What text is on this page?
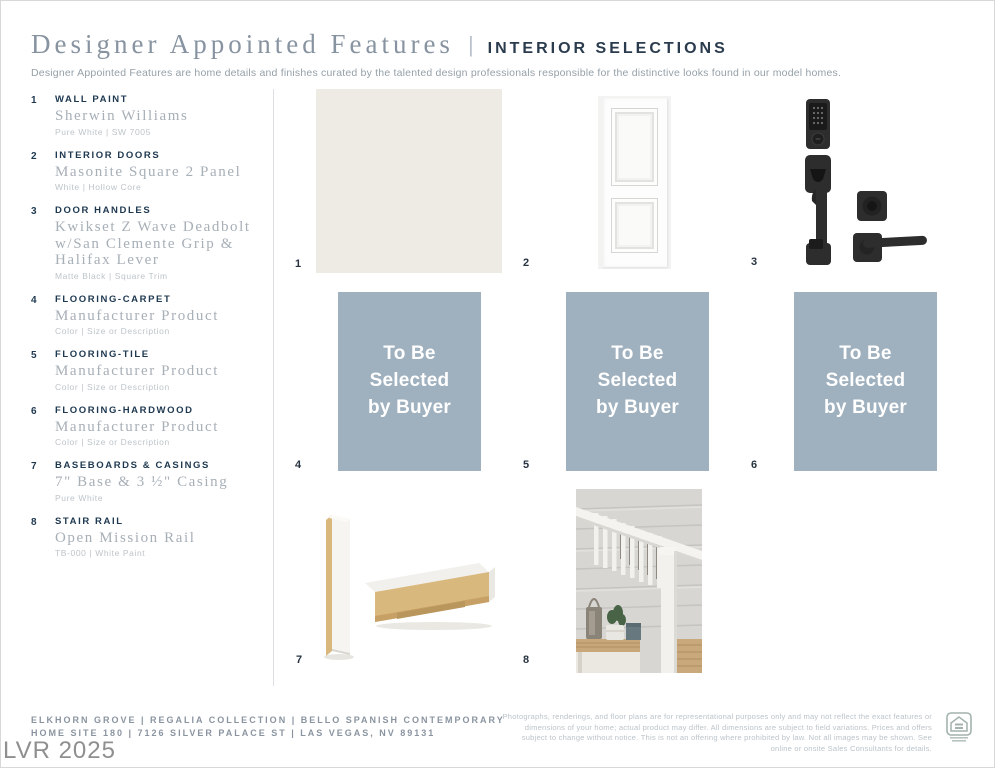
Designer Appointed Features | INTERIOR SELECTIONS
Designer Appointed Features are home details and finishes curated by the talented design professionals responsible for the distinctive looks found in our model homes.
1	WALL PAINT
Sherwin Williams
Pure White | SW 7005
2	INTERIOR DOORS
Masonite Square 2 Panel
White | Hollow Core
3	DOOR HANDLES
Kwikset Z Wave Deadbolt w/San Clemente Grip & Halifax Lever
Matte Black | Square Trim
4	FLOORING-CARPET
Manufacturer Product
Color | Size or Description
5	FLOORING-TILE
Manufacturer Product
Color | Size or Description
6	FLOORING-HARDWOOD
Manufacturer Product
Color | Size or Description
7	BASEBOARDS & CASINGS
7" Base & 3 ½" Casing
Pure White
8	STAIR RAIL
Open Mission Rail
TB-000 | White Paint
1	2	3
To Be
Selected
by Buyer
To Be
Selected
by Buyer
To Be
Selected
by Buyer
4	5	6
7	8
ELKHORN GROVE | REGALIA COLLECTION | BELLO SPANISH CONTEMPORARY
HOME SITE 180 | 7126 SILVER PALACE ST | LAS VEGAS, NV 89131
LVR 2025
Photographs, renderings, and floor plans are for representational purposes only and may not reflect the exact features or dimensions of your home; actual product may differ. All dimensions are subject to field variations. Prices and offers subject to change without notice. This is not an offering where prohibited by law. Not all images may be shown. See online or onsite Sales Consultants for details.
